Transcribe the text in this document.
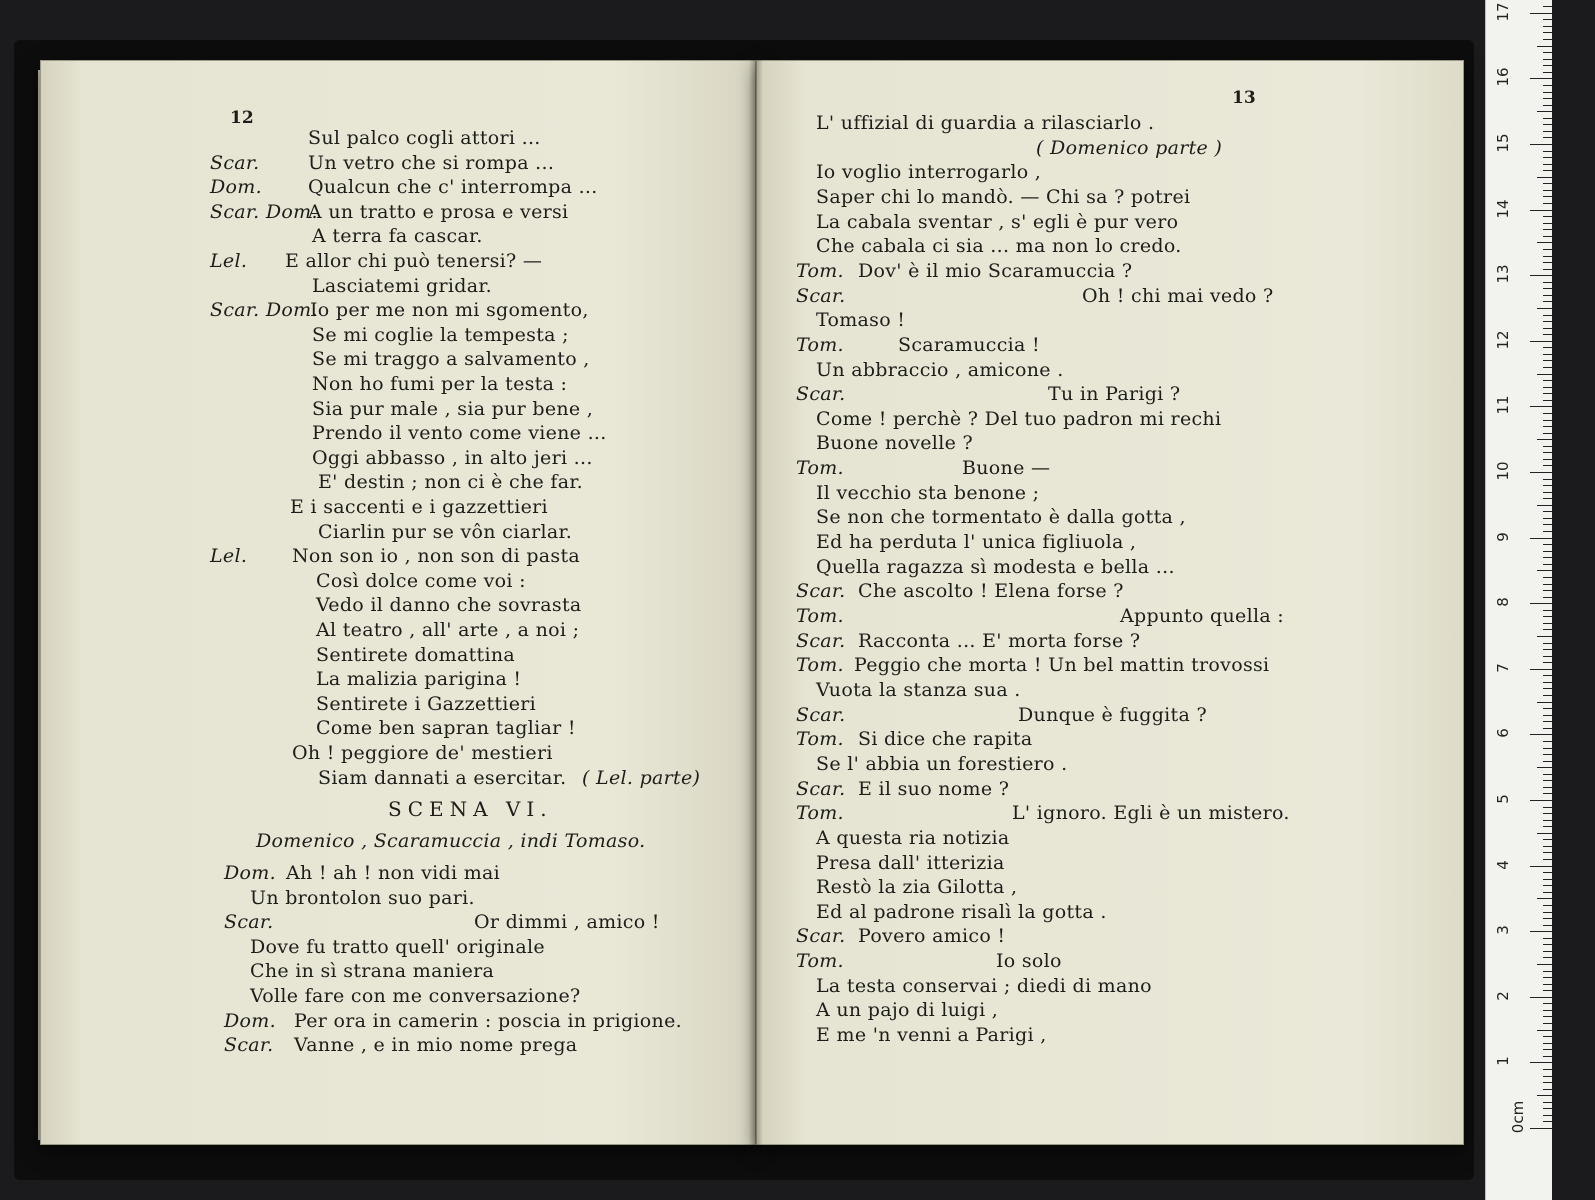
12
13
Sul palco cogli attori ...
Scar.	Un vetro che si rompa ...
Dom. Qualcun che c' interrompa ...
Scar. Dom.
A un tratto e prosa e versi
A terra fa cascar.
Lel. E allor chi può tenersi? —
Lasciatemi gridar.
Scar. Dom.
Io per me non mi sgomento,
Se mi coglie la tempesta ;
Se mi traggo a salvamento ,
Non ho fumi per la testa :
Sia pur male , sia pur bene ,
Prendo il vento come viene ...
Oggi abbasso , in alto jeri ...
E' destin ; non ci è che far.
E i saccenti e i gazzettieri
Ciarlin pur se vôn ciarlar.
Lel. Non son io , non son di pasta
Così dolce come voi :
Vedo il danno che sovrasta
Al teatro , all' arte , a noi ;
Sentirete domattina
La malizia parigina !
Sentirete i Gazzettieri
Come ben sapran tagliar !
Oh ! peggiore de' mestieri
Siam dannati a esercitar. ( Lel. parte)
SCENA VI.
Domenico , Scaramuccia , indi Tomaso.
Dom. Ah ! ah ! non vidi mai
Un brontolon suo pari.
Scar.	Or dimmi , amico !
Dove fu tratto quell' originale
Che in sì strana maniera
Volle fare con me conversazione?
Dom. Per ora in camerin : poscia in prigione.
Scar. Vanne , e in mio nome prega
L' uffizial di guardia a rilasciarlo .
( Domenico parte )
Io voglio interrogarlo ,
Saper chi lo mandò. — Chi sa ? potrei
La cabala sventar , s' egli è pur vero
Che cabala ci sia ... ma non lo credo.
Tom. Dov' è il mio Scaramuccia ?
Scar.	Oh ! chi mai vedo ?
Tomaso !
Tom.	Scaramuccia !
Un abbraccio , amicone .
Scar.	Tu in Parigi ?
Come ! perchè ? Del tuo padron mi rechi
Buone novelle ?
Tom.	Buone —
Il vecchio sta benone ;
Se non che tormentato è dalla gotta ,
Ed ha perduta l' unica figliuola ,
Quella ragazza sì modesta e bella ...
Scar. Che ascolto ! Elena forse ?
Tom.	Appunto quella :
Scar. Racconta ... E' morta forse ?
Tom. Peggio che morta ! Un bel mattin trovossi
Vuota la stanza sua .
Scar.	Dunque è fuggita ?
Tom. Si dice che rapita
Se l' abbia un forestiero .
Scar. E il suo nome ?
Tom.	L' ignoro. Egli è un mistero.
A questa ria notizia
Presa dall' itterizia
Restò la zia Gilotta ,
Ed al padrone risalì la gotta .
Scar. Povero amico !
Tom.	Io solo
La testa conservai ; diedi di mano
A un pajo di luigi ,
E me 'n venni a Parigi ,
0cm
1
2
3
4
5
6
7
8
9
10
11
12
13
14
15
16
17
